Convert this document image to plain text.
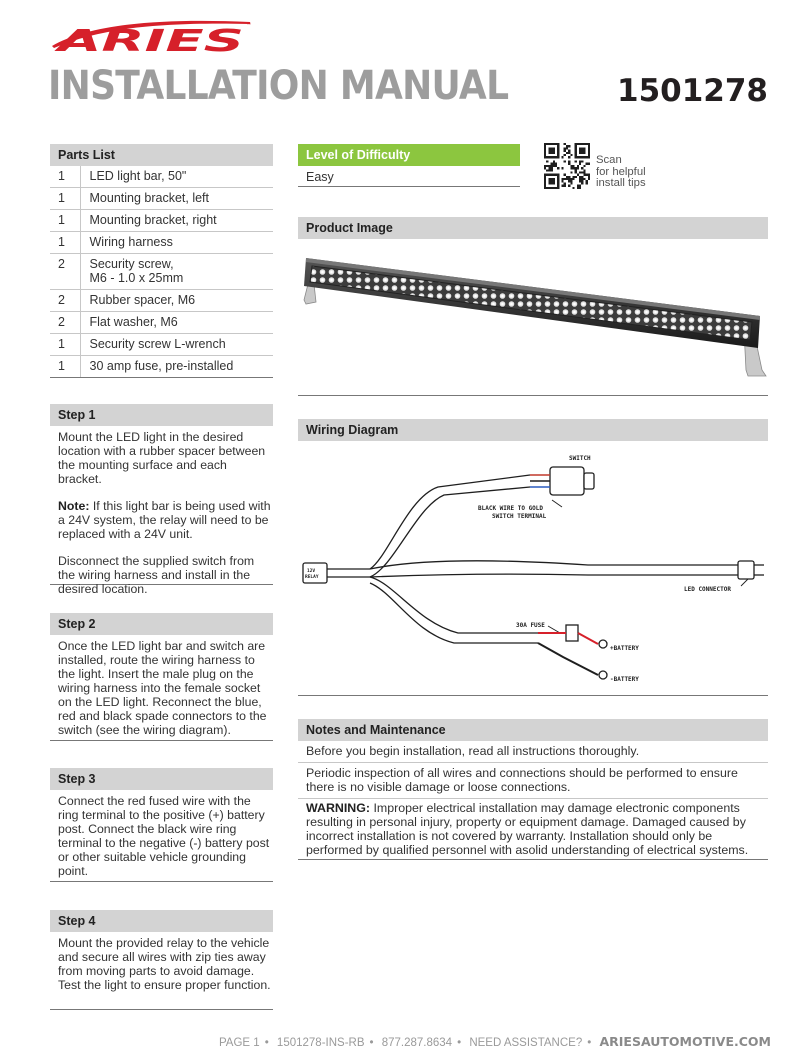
ARIES ™
INSTALLATION MANUAL	1501278
Parts List
1	LED light bar, 50"

1	Mounting bracket, left

1	Mounting bracket, right

1	Wiring harness

2	Security screw,
M6 - 1.0 x 25mm

2	Rubber spacer, M6

2	Flat washer, M6

1	Security screw L-wrench

1	30 amp fuse, pre-installed
Step 1

Mount the LED light in the desired location with a rubber spacer between the mounting surface and each bracket.

Note: If this light bar is being used with a 24V system, the relay will need to be replaced with a 24V unit.

Disconnect the supplied switch from the wiring harness and install in the desired location.

Step 2

Once the LED light bar and switch are installed, route the wiring harness to the light. Insert the male plug on the wiring harness into the female socket on the LED light. Reconnect the blue, red and black spade connectors to the switch (see the wiring diagram).

Step 3

Connect the red fused wire with the ring terminal to the positive (+) battery post. Connect the black wire ring terminal to the negative (-) battery post or other suitable vehicle grounding point.

Step 4

Mount the provided relay to the vehicle and secure all wires with zip ties away from moving parts to avoid damage. Test the light to ensure proper function.

Level of Difficulty
Easy
Scan
for helpful
install tips
Product Image
Wiring Diagram
SWITCH
BLACK WIRE TO GOLD
SWITCH TERMINAL
12V
RELAY
LED CONNECTOR
30A FUSE
+BATTERY
-BATTERY
Notes and Maintenance
Before you begin installation, read all instructions thoroughly.
Periodic inspection of all wires and connections should be performed to ensure there is no visible damage or loose connections.
WARNING: Improper electrical installation may damage electronic components resulting in personal injury, property or equipment damage. Damaged caused by incorrect installation is not covered by warranty. Installation should only be performed by qualified personnel with asolid understanding of electrical systems.
PAGE 1 • 1501278-INS-RB • 877.287.8634 • NEED ASSISTANCE? • ARIESAUTOMOTIVE.COM
